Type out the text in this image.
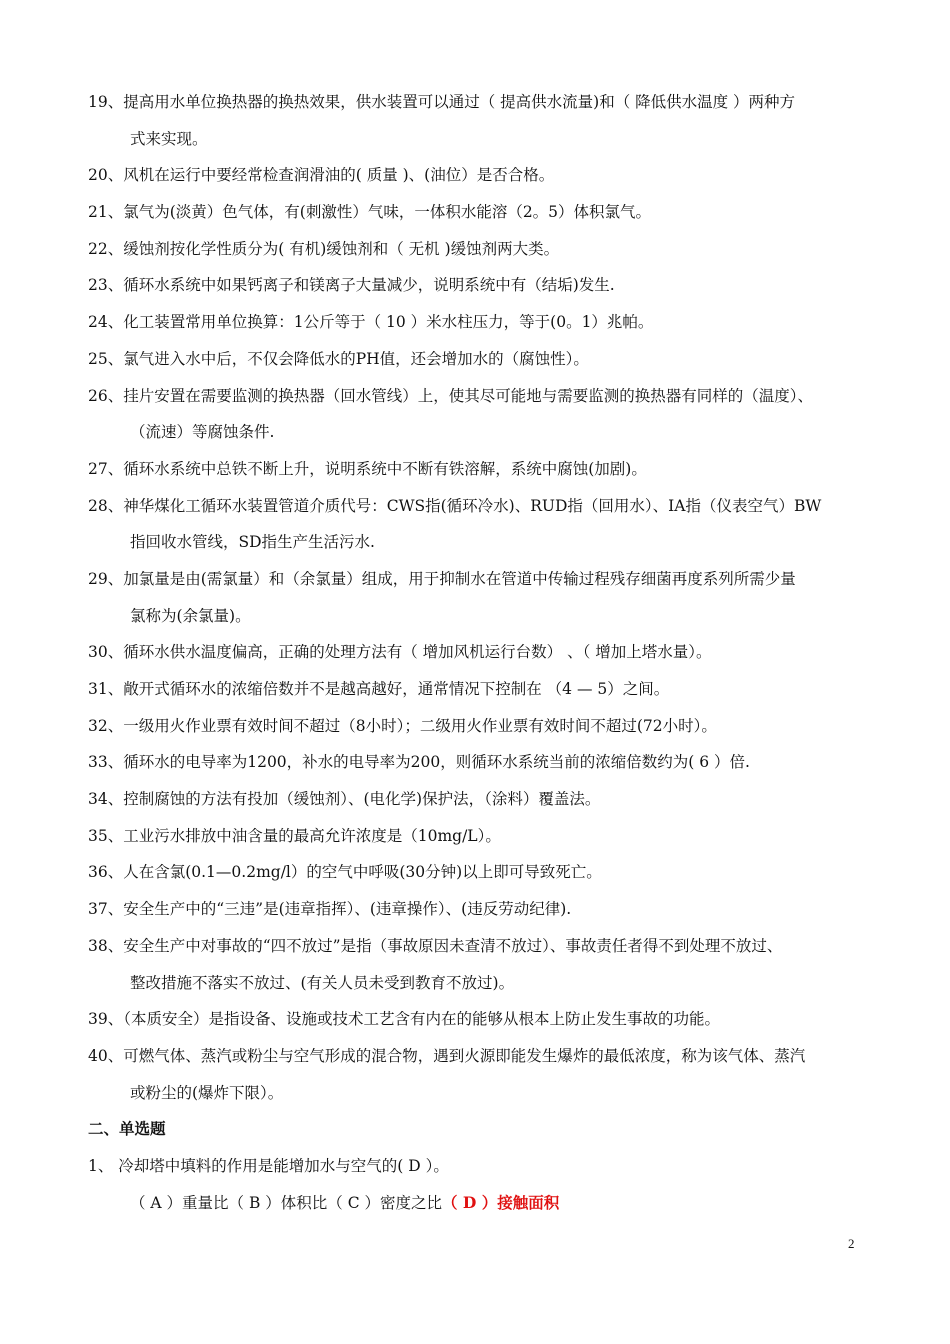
19、提高用水单位换热器的换热效果，供水装置可以通过（ 提高供水流量)和（ 降低供水温度 ）两种方
式来实现。
20、风机在运行中要经常检查润滑油的( 质量 )、(油位）是否合格。
21、氯气为(淡黄）色气体，有(刺激性）气味，一体积水能溶（2。5）体积氯气。
22、缓蚀剂按化学性质分为( 有机)缓蚀剂和（ 无机 )缓蚀剂两大类。
23、循环水系统中如果钙离子和镁离子大量减少，说明系统中有（结垢)发生.
24、化工装置常用单位换算：1公斤等于（ 10 ）米水柱压力，等于(0。1）兆帕。
25、氯气进入水中后，不仅会降低水的PH值，还会增加水的（腐蚀性）。
26、挂片安置在需要监测的换热器（回水管线）上，使其尽可能地与需要监测的换热器有同样的（温度）、
（流速）等腐蚀条件.
27、循环水系统中总铁不断上升，说明系统中不断有铁溶解，系统中腐蚀(加剧)。
28、神华煤化工循环水装置管道介质代号：CWS指(循环冷水)、RUD指（回用水）、IA指（仪表空气）BW
指回收水管线，SD指生产生活污水.
29、加氯量是由(需氯量）和（余氯量）组成，用于抑制水在管道中传输过程残存细菌再度系列所需少量
氯称为(余氯量)。
30、循环水供水温度偏高，正确的处理方法有（ 增加风机运行台数） 、（ 增加上塔水量）。
31、敞开式循环水的浓缩倍数并不是越高越好，通常情况下控制在 （4 — 5）之间。
32、一级用火作业票有效时间不超过（8小时）；二级用火作业票有效时间不超过(72小时）。
33、循环水的电导率为1200，补水的电导率为200，则循环水系统当前的浓缩倍数约为( 6 ）倍.
34、控制腐蚀的方法有投加（缓蚀剂）、(电化学)保护法，（涂料）覆盖法。
35、工业污水排放中油含量的最高允许浓度是（10mg/L）。
36、人在含氯(0.1—0.2mg/l）的空气中呼吸(30分钟)以上即可导致死亡。
37、安全生产中的“三违”是(违章指挥）、(违章操作）、(违反劳动纪律).
38、安全生产中对事故的“四不放过”是指（事故原因未查清不放过）、事故责任者得不到处理不放过、
整改措施不落实不放过、(有关人员未受到教育不放过)。
39、（本质安全）是指设备、设施或技术工艺含有内在的能够从根本上防止发生事故的功能。
40、可燃气体、蒸汽或粉尘与空气形成的混合物，遇到火源即能发生爆炸的最低浓度，称为该气体、蒸汽
或粉尘的(爆炸下限）。
二、单选题
1、 冷却塔中填料的作用是能增加水与空气的( D ）。
（ A ）重量比（ B ）体积比（ C ）密度之比（ D ）接触面积
2
